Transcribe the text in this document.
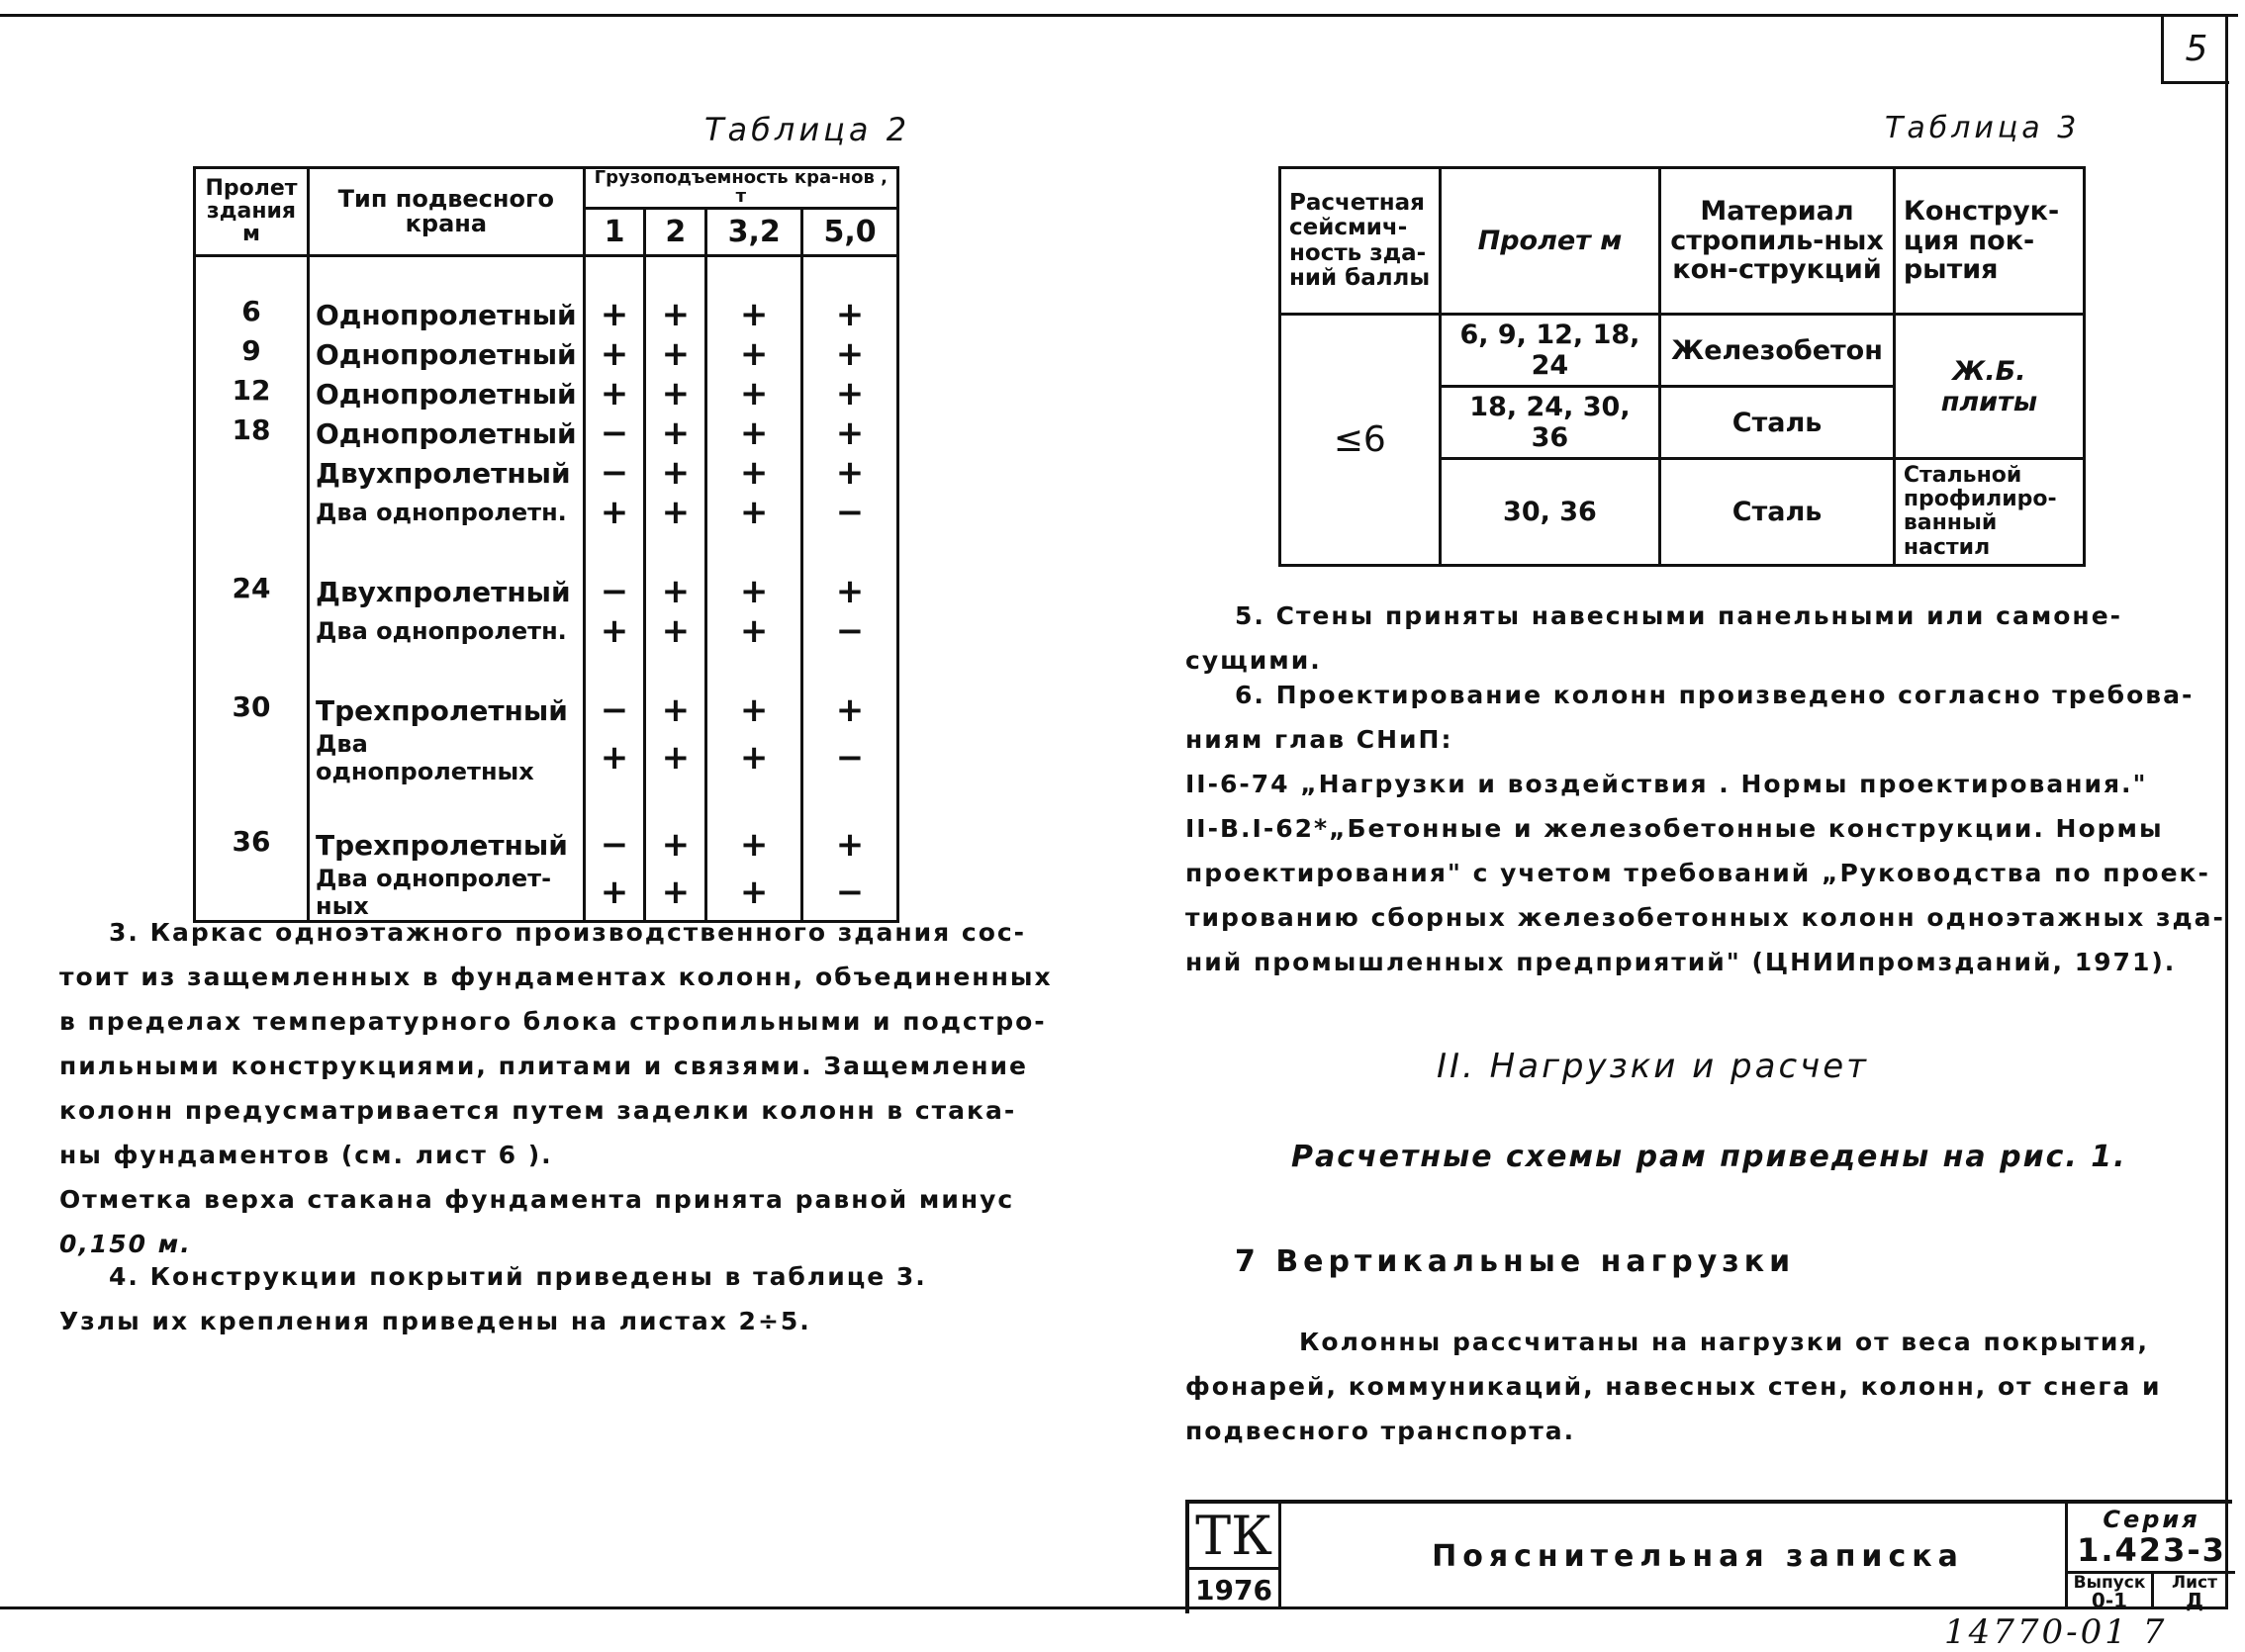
5
Таблица 2
Пролет здания м	Тип подвесного крана	Грузоподъемность кра-нов , т			
		1	2	3,2	5,0

6	Однопролетный	+	+	+	+
9	Однопролетный	+	+	+	+
12	Однопролетный	+	+	+	+
18	Однопролетный	−	+	+	+
	Двухпролетный	−	+	+	+
	Два однопролетн.	+	+	+	−

24	Двухпролетный	−	+	+	+
	Два однопролетн.	+	+	+	−

30	Трехпролетный	−	+	+	+
	Два однопролетных	+	+	+	−

36	Трехпролетный	−	+	+	+
	Два однопролет-ных	+	+	+	−

Таблица 3
Расчетная сейсмич-ность зда-ний баллы	Пролет м	Материал стропиль-ных кон-струкций	Конструк-ция пок-рытия
≤6	6, 9, 12, 18, 24	Железобетон	Ж.Б. плиты
	18, 24, 30, 36	Сталь	
	30, 36	Сталь	Стальной профилиро-ванный настил
3. Каркас одноэтажного производственного здания сос-
тоит из защемленных в фундаментах колонн, объединенных
в пределах температурного блока стропильными и подстро-
пильными конструкциями, плитами и связями. Защемление
колонн предусматривается путем заделки колонн в стака-
ны фундаментов (см. лист 6 ).
Отметка верха стакана фундамента принята равной минус
0,150 м.
4. Конструкции покрытий приведены в таблице 3.
Узлы их крепления приведены на листах 2÷5.
5. Стены приняты навесными панельными или самоне-
сущими.
6. Проектирование колонн произведено согласно требова-
ниям глав СНиП:
II-6-74 „Нагрузки и воздействия . Нормы проектирования."
II-В.I-62*„Бетонные и железобетонные конструкции. Нормы
проектирования" с учетом требований „Руководства по проек-
тированию сборных железобетонных колонн одноэтажных зда-
ний промышленных предприятий" (ЦНИИпромзданий, 1971).
II. Нагрузки и расчет
Расчетные схемы рам приведены на рис. 1.
7 Вертикальные нагрузки
Колонны рассчитаны на нагрузки от веса покрытия,
фонарей, коммуникаций, навесных стен, колонн, от снега и
подвесного транспорта.
ТК
1976
Пояснительная записка
Серия
1.423-3
Выпуск
0-1
Лист
Д
14770-01 7
